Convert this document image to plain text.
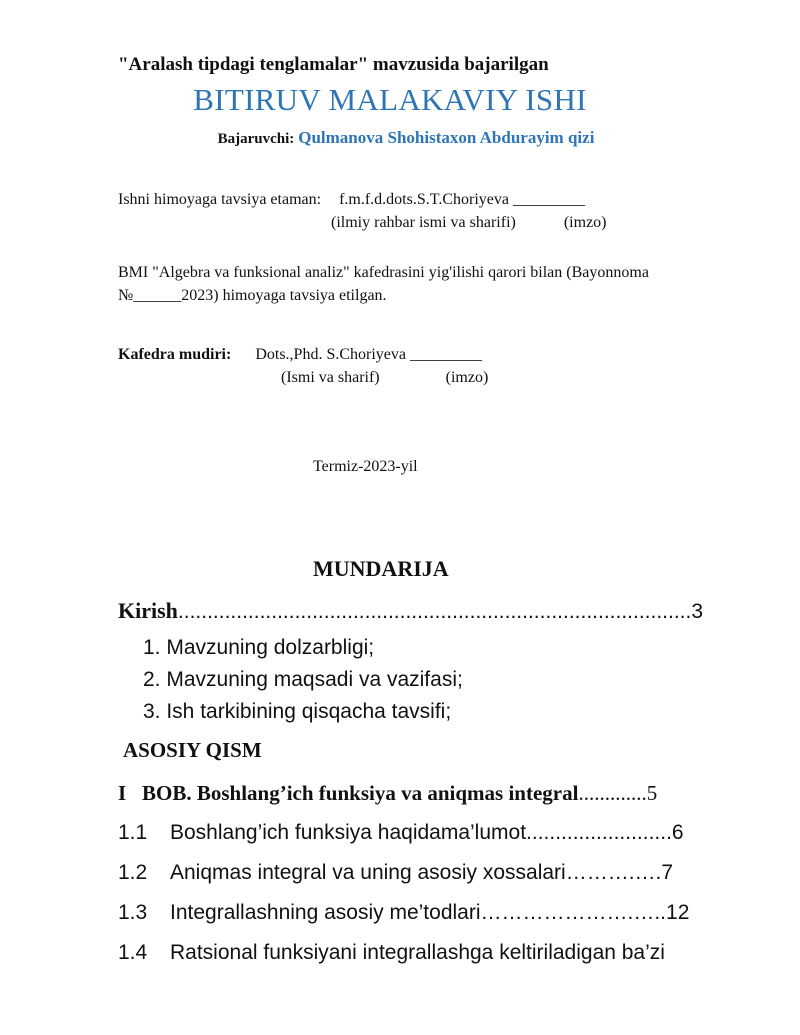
"Aralash tipdagi tenglamalar" mavzusida bajarilgan
BITIRUV MALAKAVIY ISHI
Bajaruvchi: Qulmanova Shohistaxon Abdurayim qizi
Ishni himoyaga tavsiya etaman: f.m.f.d.dots.S.T.Choriyeva _________
(ilmiy rahbar ismi va sharifi)	(imzo)
BMI "Algebra va funksional analiz" kafedrasini yig'ilishi qarori bilan (Bayonnoma №______2023) himoyaga tavsiya etilgan.
Kafedra mudiri: Dots.,Phd. S.Choriyeva _________
(Ismi va sharif)	(imzo)
Termiz-2023-yil
MUNDARIJA
Kirish........................................................................................3
1. Mavzuning dolzarbligi;
2. Mavzuning maqsadi va vazifasi;
3. Ish tarkibining qisqacha tavsifi;
ASOSIY QISM
I BOB. Boshlang’ich funksiya va aniqmas integral.............5
1.1 Boshlang’ich funksiya haqidama’lumot.........................6
1.2 Aniqmas integral va uning asosiy xossalari……….….7
1.3 Integrallashning asosiy me’todlari………………….…..12
1.4 Ratsional funksiyani integrallashga keltiriladigan ba’zi
